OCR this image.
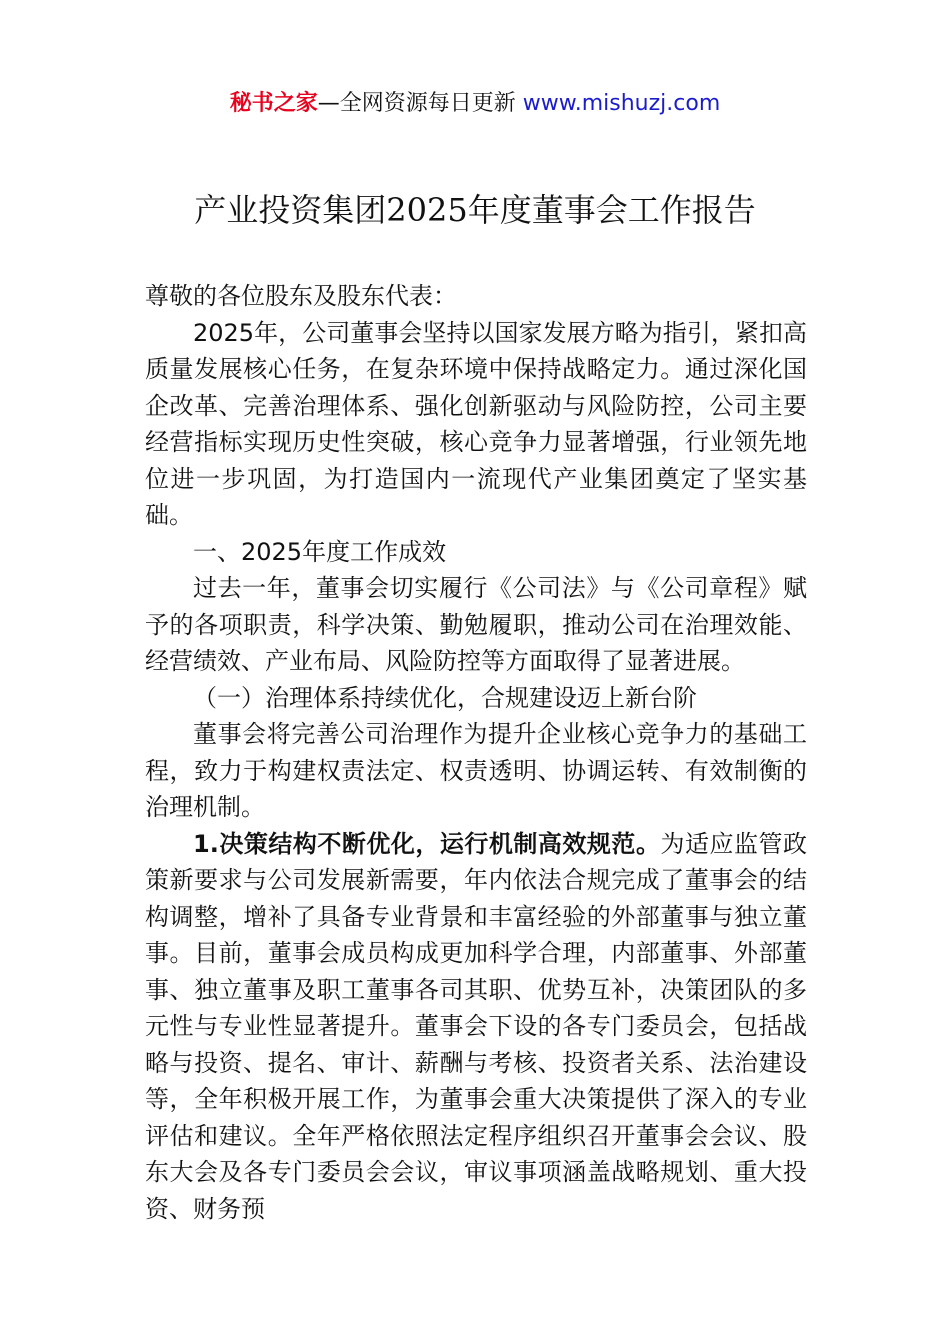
秘书之家—全网资源每日更新 www.mishuzj.com
产业投资集团2025年度董事会工作报告

尊敬的各位股东及股东代表：

2025年，公司董事会坚持以国家发展方略为指引，紧扣高质量发展核心任务，在复杂环境中保持战略定力。通过深化国企改革、完善治理体系、强化创新驱动与风险防控，公司主要经营指标实现历史性突破，核心竞争力显著增强，行业领先地位进一步巩固，为打造国内一流现代产业集团奠定了坚实基础。

一、2025年度工作成效

过去一年，董事会切实履行《公司法》与《公司章程》赋予的各项职责，科学决策、勤勉履职，推动公司在治理效能、经营绩效、产业布局、风险防控等方面取得了显著进展。

（一）治理体系持续优化，合规建设迈上新台阶

董事会将完善公司治理作为提升企业核心竞争力的基础工程，致力于构建权责法定、权责透明、协调运转、有效制衡的治理机制。

1.决策结构不断优化，运行机制高效规范。为适应监管政策新要求与公司发展新需要，年内依法合规完成了董事会的结构调整，增补了具备专业背景和丰富经验的外部董事与独立董事。目前，董事会成员构成更加科学合理，内部董事、外部董事、独立董事及职工董事各司其职、优势互补，决策团队的多元性与专业性显著提升。董事会下设的各专门委员会，包括战略与投资、提名、审计、薪酬与考核、投资者关系、法治建设等，全年积极开展工作，为董事会重大决策提供了深入的专业评估和建议。全年严格依照法定程序组织召开董事会会议、股东大会及各专门委员会会议，审议事项涵盖战略规划、重大投资、财务预
